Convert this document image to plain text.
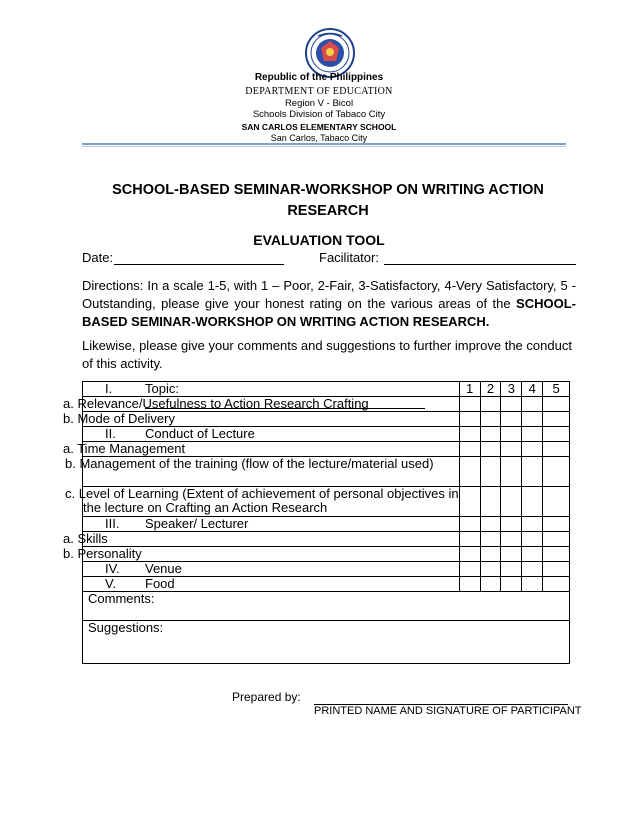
Republic of the Philippines
DEPARTMENT OF EDUCATION
Region V - Bicol
Schools Division of Tabaco City
SAN CARLOS ELEMENTARY SCHOOL
San Carlos, Tabaco City
SCHOOL-BASED SEMINAR-WORKSHOP ON WRITING ACTION RESEARCH
EVALUATION TOOL
Date:	Facilitator:
Directions: In a scale 1-5, with 1 – Poor, 2-Fair, 3-Satisfactory, 4-Very Satisfactory, 5 - Outstanding, please give your honest rating on the various areas of the SCHOOL-BASED SEMINAR-WORKSHOP ON WRITING ACTION RESEARCH.
Likewise, please give your comments and suggestions to further improve the conduct of this activity.
I. Topic:	1	2	3	4	5
a. Relevance/Usefulness to Action Research Crafting					
b. Mode of Delivery					

II. Conduct of Lecture					

a. Time Management					
b. Management of the training (flow of the lecture/material used)					
c. Level of Learning (Extent of achievement of personal objectives in the lecture on Crafting an Action Research					

III. Speaker/ Lecturer					

a. Skills					
b. Personality					

IV. Venue					

V. Food					

Comments:					
Suggestions:					
Prepared by:
PRINTED NAME AND SIGNATURE OF PARTICIPANT
